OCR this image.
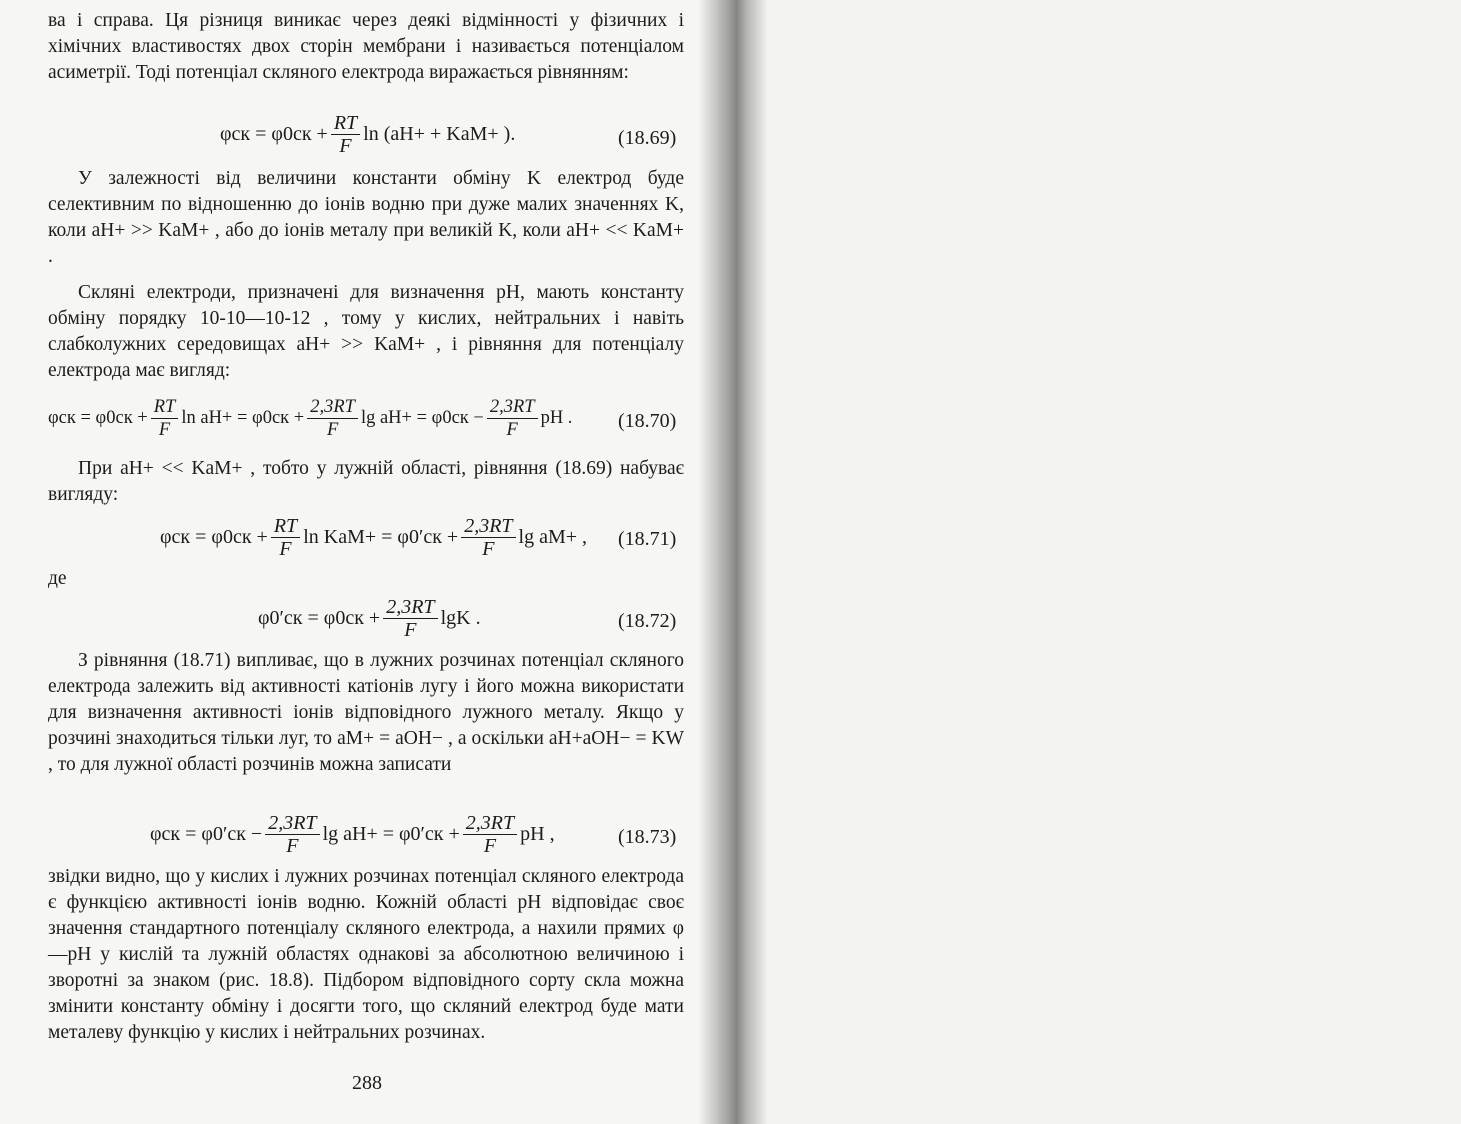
ва і справа. Ця різниця виникає через деякі відмінності у фізичних і хімічних властивостях двох сторін мембрани і називається потенціалом асиметрії. Тоді потенціал скляного електрода виражається рівнянням:

$\varphi ск = \varphi 0ск + \frac{RT}{F}$ ln (aH+ + KaM+ ).	(18.69)

У залежності від величини константи обміну K електрод буде селективним по відношенню до іонів водню при дуже малих значеннях K, коли aH+ >> KaM+ , або до іонів металу при великій K, коли aH+ << KaM+ .

Скляні електроди, призначені для визначення pH, мають константу обміну порядку 10-10—10-12 , тому у кислих, нейтральних і навіть слабколужних середовищах aH+ >> KaM+ , і рівняння для потенціалу електрода має вигляд:

$\varphi ск = \varphi 0ск + \frac{RT}{F}$ $\ln aH+ = \varphi 0ск + \frac{2,3RT}{F}$ $\lg aH+ = \varphi 0ск - \frac{2,3RT}{F}$ pH . (18.70)

При aH+ << KaM+ , тобто у лужній області, рівняння (18.69) набуває вигляду:

$\varphi ск = \varphi 0ск + \frac{RT}{F}$ $\ln KaM+ = \varphi 0'ск + \frac{2,3RT}{F}$ lg aM+ , (18.71)
де
$\varphi 0'ск = \varphi 0ск + \frac{2,3RT}{F}$ lgK .	(18.72)

З рівняння (18.71) випливає, що в лужних розчинах потенціал скляного електрода залежить від активності катіонів лугу і його можна використати для визначення активності іонів відповідного лужного металу. Якщо у розчині знаходиться тільки луг, то aM+ = aOH− , а оскільки aH+aOH− = KW , то для лужної області розчинів можна записати

$\varphi ск = \varphi 0'ск - \frac{2,3RT}{F}$ $\lg aH+ = \varphi 0'ск + \frac{2,3RT}{F}$ pH ,	(18.73)

звідки видно, що у кислих і лужних розчинах потенціал скляного електрода є функцією активності іонів водню. Кожній області pH відповідає своє значення стандартного потенціалу скляного електрода, а нахили прямих φ—pH у кислій та лужній областях однакові за абсолютною величиною і зворотні за знаком (рис. 18.8). Підбором відповідного сорту скла можна змінити константу обміну і досягти того, що скляний електрод буде мати металеву функцію у кислих і нейтральних розчинах.

288
